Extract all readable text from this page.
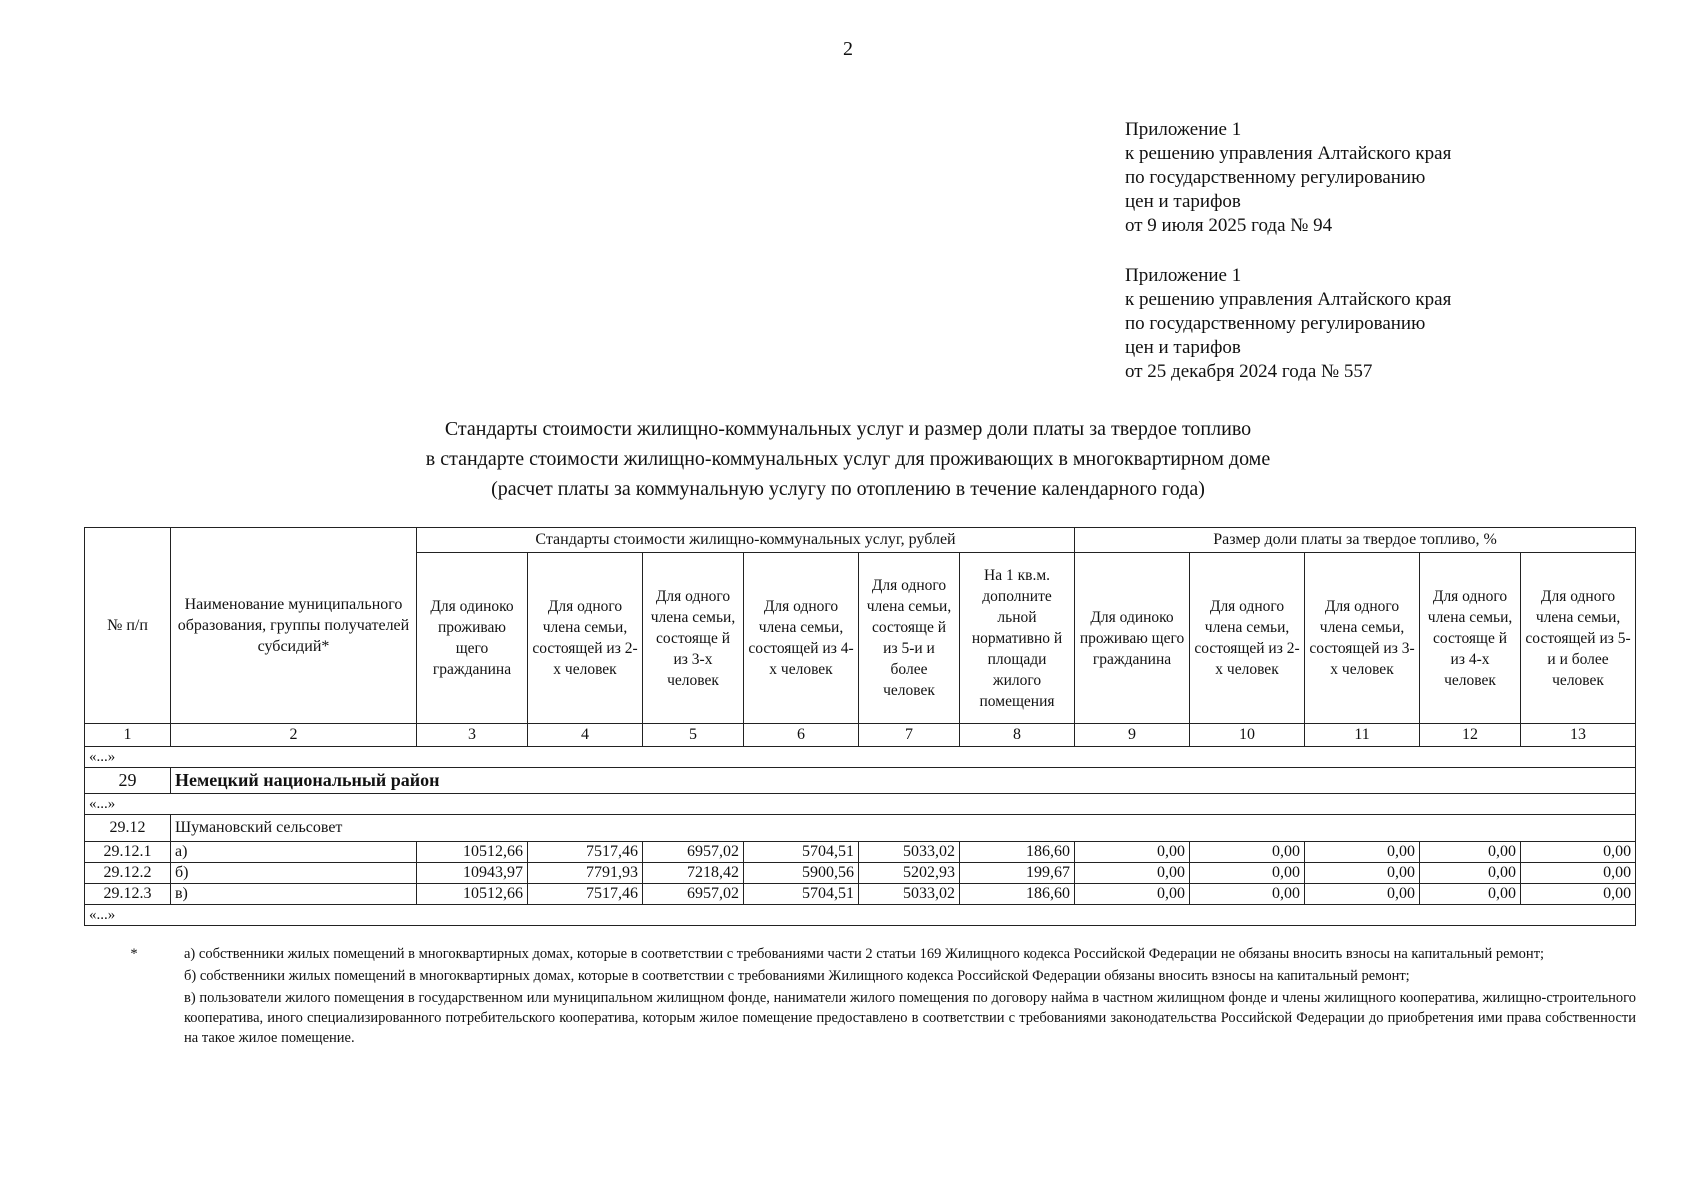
2
Приложение 1
к решению управления Алтайского края
по государственному регулированию
цен и тарифов
от 9 июля 2025 года № 94
Приложение 1
к решению управления Алтайского края
по государственному регулированию
цен и тарифов
от 25 декабря 2024 года № 557
Стандарты стоимости жилищно-коммунальных услуг и размер доли платы за твердое топливо
в стандарте стоимости жилищно-коммунальных услуг для проживающих в многоквартирном доме
(расчет платы за коммунальную услугу по отоплению в течение календарного года)
№ п/п	Наименование муниципального образования, группы получателей субсидий*	Стандарты стоимости жилищно-коммунальных услуг, рублей						Размер доли платы за твердое топливо, %				
		Для одиноко проживаю щего гражданина	Для одного члена семьи, состоящей из 2-х человек	Для одного члена семьи, состояще й из 3-х человек	Для одного члена семьи, состоящей из 4-х человек	Для одного члена семьи, состояще й из 5-и и более человек	На 1 кв.м. дополните льной нормативно й площади жилого помещения	Для одиноко проживаю щего гражданина	Для одного члена семьи, состоящей из 2-х человек	Для одного члена семьи, состоящей из 3-х человек	Для одного члена семьи, состояще й из 4-х человек	Для одного члена семьи, состоящей из 5-и и более человек
1	2	3	4	5	6	7	8	9	10	11	12	13
«...»												
29	Немецкий национальный район											
«...»												
29.12	Шумановский сельсовет											
29.12.1	а)	10512,66	7517,46	6957,02	5704,51	5033,02	186,60	0,00	0,00	0,00	0,00	0,00
29.12.2	б)	10943,97	7791,93	7218,42	5900,56	5202,93	199,67	0,00	0,00	0,00	0,00	0,00
29.12.3	в)	10512,66	7517,46	6957,02	5704,51	5033,02	186,60	0,00	0,00	0,00	0,00	0,00
«...»												
*	а) собственники жилых помещений в многоквартирных домах, которые в соответствии с требованиями части 2 статьи 169 Жилищного кодекса Российской Федерации не обязаны вносить взносы на капитальный ремонт;
б) собственники жилых помещений в многоквартирных домах, которые в соответствии с требованиями Жилищного кодекса Российской Федерации обязаны вносить взносы на капитальный ремонт;
в) пользователи жилого помещения в государственном или муниципальном жилищном фонде, наниматели жилого помещения по договору найма в частном жилищном фонде и члены жилищного кооператива, жилищно-строительного кооператива, иного специализированного потребительского кооператива, которым жилое помещение предоставлено в соответствии с требованиями законодательства Российской Федерации до приобретения ими права собственности на такое жилое помещение.
